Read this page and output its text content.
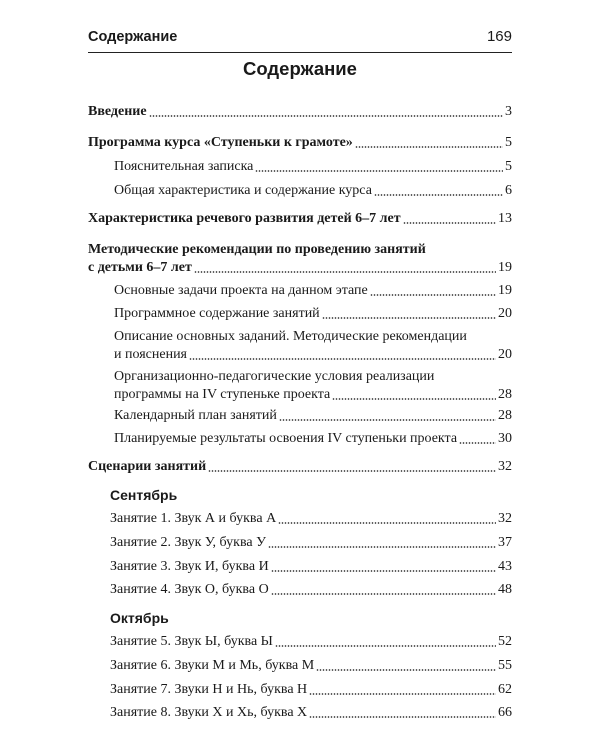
Содержание	169
Содержание
Введение	3
Программа курса «Ступеньки к грамоте»	5
Пояснительная записка	5
Общая характеристика и содержание курса	6
Характеристика речевого развития детей 6–7 лет	13
Методические рекомендации по проведению занятий
с детьми 6–7 лет	19
Основные задачи проекта на данном этапе	19
Программное содержание занятий	20
Описание основных заданий. Методические рекомендации
и пояснения	20
Организационно-педагогические условия реализации
программы на IV ступеньке проекта	28
Календарный план занятий	28
Планируемые результаты освоения IV ступеньки проекта	30
Сценарии занятий	32
Сентябрь
Занятие 1. Звук А и буква А	32
Занятие 2. Звук У, буква У	37
Занятие 3. Звук И, буква И	43
Занятие 4. Звук О, буква О	48
Октябрь
Занятие 5. Звук Ы, буква Ы	52
Занятие 6. Звуки М и Мь, буква М	55
Занятие 7. Звуки Н и Нь, буква Н	62
Занятие 8. Звуки Х и Хь, буква Х	66
